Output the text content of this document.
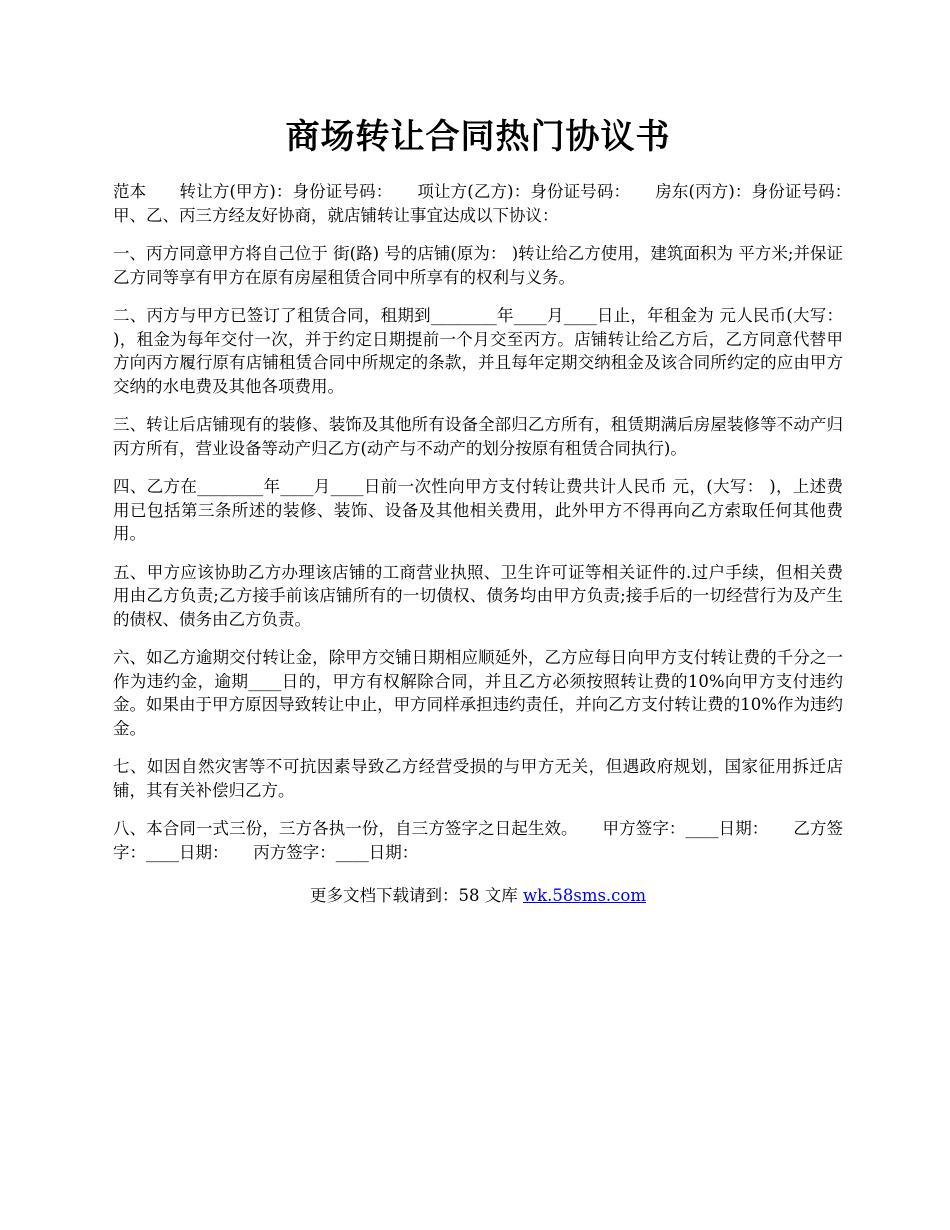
商场转让合同热门协议书

范本　　转让方(甲方)：身份证号码：　　项让方(乙方)：身份证号码：　　房东(丙方)：身份证号码：　　甲、乙、丙三方经友好协商，就店铺转让事宜达成以下协议：

一、丙方同意甲方将自己位于 街(路) 号的店铺(原为： )转让给乙方使用，建筑面积为 平方米;并保证乙方同等享有甲方在原有房屋租赁合同中所享有的权利与义务。

二、丙方与甲方已签订了租赁合同，租期到________年____月____日止，年租金为 元人民币(大写： )，租金为每年交付一次，并于约定日期提前一个月交至丙方。店铺转让给乙方后，乙方同意代替甲方向丙方履行原有店铺租赁合同中所规定的条款，并且每年定期交纳租金及该合同所约定的应由甲方交纳的水电费及其他各项费用。

三、转让后店铺现有的装修、装饰及其他所有设备全部归乙方所有，租赁期满后房屋装修等不动产归丙方所有，营业设备等动产归乙方(动产与不动产的划分按原有租赁合同执行)。

四、乙方在________年____月____日前一次性向甲方支付转让费共计人民币 元，(大写： )，上述费用已包括第三条所述的装修、装饰、设备及其他相关费用，此外甲方不得再向乙方索取任何其他费用。

五、甲方应该协助乙方办理该店铺的工商营业执照、卫生许可证等相关证件的.过户手续，但相关费用由乙方负责;乙方接手前该店铺所有的一切债权、债务均由甲方负责;接手后的一切经营行为及产生的债权、债务由乙方负责。

六、如乙方逾期交付转让金，除甲方交铺日期相应顺延外，乙方应每日向甲方支付转让费的千分之一作为违约金，逾期____日的，甲方有权解除合同，并且乙方必须按照转让费的10%向甲方支付违约金。如果由于甲方原因导致转让中止，甲方同样承担违约责任，并向乙方支付转让费的10%作为违约金。

七、如因自然灾害等不可抗因素导致乙方经营受损的与甲方无关，但遇政府规划，国家征用拆迁店铺，其有关补偿归乙方。

八、本合同一式三份，三方各执一份，自三方签字之日起生效。　　甲方签字：____日期：　　乙方签字：____日期：　　丙方签字：____日期：

更多文档下载请到：58 文库 wk.58sms.com
